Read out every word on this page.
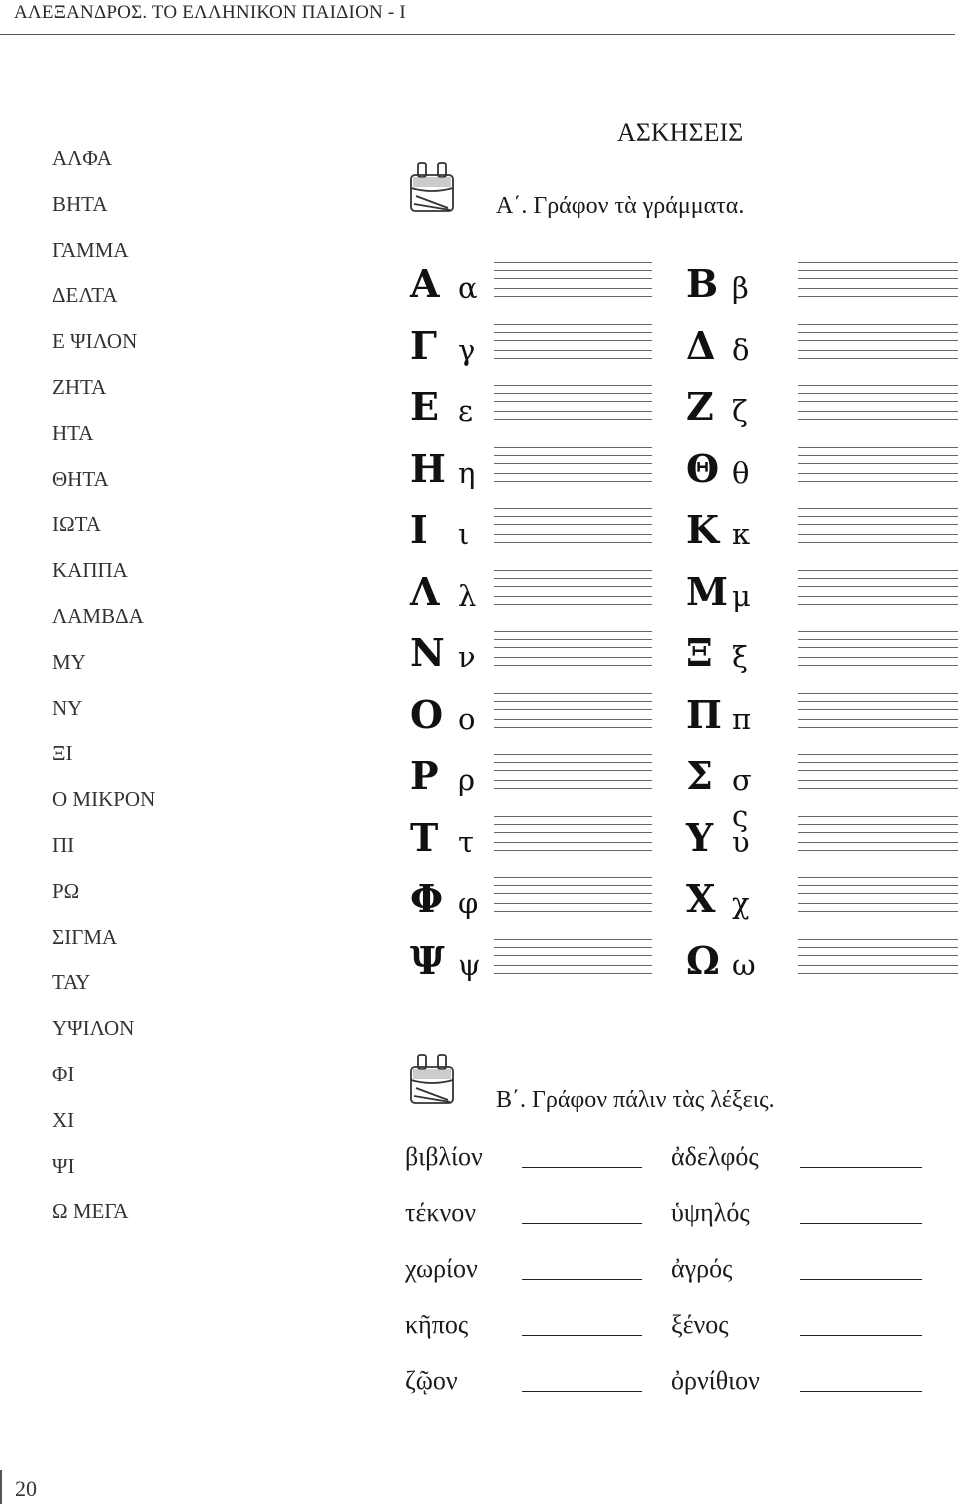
ΑΛΕΞΑΝΔΡΟΣ. ΤΟ ΕΛΛΗΝΙΚΟΝ ΠΑΙΔΙΟΝ - Ι
ΑΛΦΑ
ΒΗΤΑ
ΓΑΜΜΑ
ΔΕΛΤΑ
Ε ΨΙΛΟΝ
ΖΗΤΑ
ΗΤΑ
ΘΗΤΑ
ΙΩΤΑ
ΚΑΠΠΑ
ΛΑΜΒΔΑ
ΜΥ
ΝΥ
ΞΙ
Ο ΜΙΚΡΟΝ
ΠΙ
ΡΩ
ΣΙΓΜΑ
ΤΑΥ
ΥΨΙΛΟΝ
ΦΙ
ΧΙ
ΨΙ
Ω ΜΕΓΑ
ΑΣΚΗΣΕΙΣ
Α΄. Γράφον τὰ γράμματα.
Α α
Γ γ
Ε ε
Η η
Ι ι
Λ λ
Ν ν
Ο ο
Ρ ρ
Τ τ
Φ φ
Ψ ψ
Β β
Δ δ
Ζ ζ
Θ θ
Κ κ
Μ μ
Ξ ξ
Π π
Σ σ ς
Υ υ
Χ χ
Ω ω
Β΄. Γράφον πάλιν τὰς λέξεις.
βιβλίον
τέκνον
χωρίον
κῆπος
ζῷον
ἀδελφός
ὑψηλός
ἀγρός
ξένος
ὀρνίθιον
20
